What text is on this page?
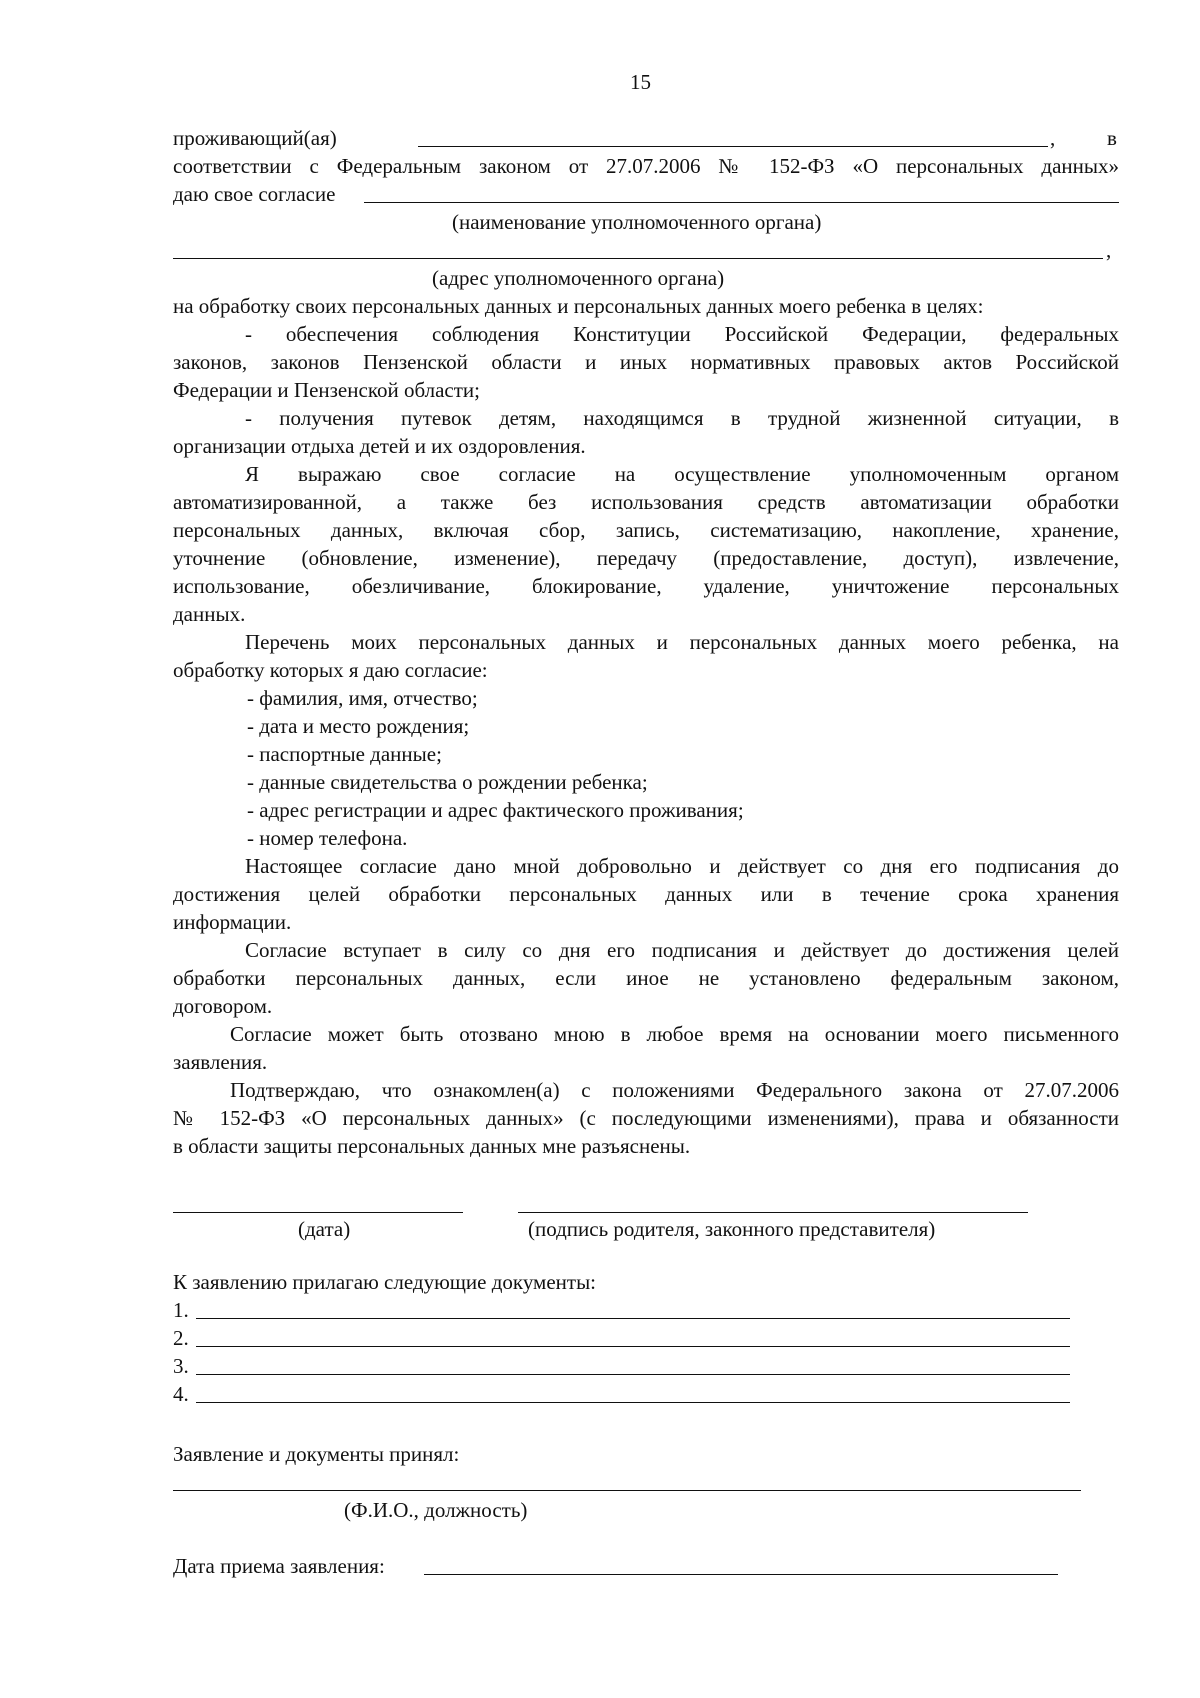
15
проживающий(ая)	, в
соответствии с Федеральным законом от 27.07.2006 № 152-ФЗ «О персональных данных»
даю свое согласие
(наименование уполномоченного органа)
,
(адрес уполномоченного органа)
на обработку своих персональных данных и персональных данных моего ребенка в целях:
- обеспечения соблюдения Конституции Российской Федерации, федеральных
законов, законов Пензенской области и иных нормативных правовых актов Российской
Федерации и Пензенской области;
- получения путевок детям, находящимся в трудной жизненной ситуации, в
организации отдыха детей и их оздоровления.
Я выражаю свое согласие на осуществление уполномоченным органом
автоматизированной, а также без использования средств автоматизации обработки
персональных данных, включая сбор, запись, систематизацию, накопление, хранение,
уточнение (обновление, изменение), передачу (предоставление, доступ), извлечение,
использование, обезличивание, блокирование, удаление, уничтожение персональных
данных.
Перечень моих персональных данных и персональных данных моего ребенка, на
обработку которых я даю согласие:
- фамилия, имя, отчество;
- дата и место рождения;
- паспортные данные;
- данные свидетельства о рождении ребенка;
- адрес регистрации и адрес фактического проживания;
- номер телефона.
Настоящее согласие дано мной добровольно и действует со дня его подписания до
достижения целей обработки персональных данных или в течение срока хранения
информации.
Согласие вступает в силу со дня его подписания и действует до достижения целей
обработки персональных данных, если иное не установлено федеральным законом,
договором.
Согласие может быть отозвано мною в любое время на основании моего письменного
заявления.
Подтверждаю, что ознакомлен(а) с положениями Федерального закона от 27.07.2006
№ 152-ФЗ «О персональных данных» (с последующими изменениями), права и обязанности
в области защиты персональных данных мне разъяснены.
(дата)	(подпись родителя, законного представителя)
К заявлению прилагаю следующие документы:
1.
2.
3.
4.
Заявление и документы принял:
(Ф.И.О., должность)
Дата приема заявления:
